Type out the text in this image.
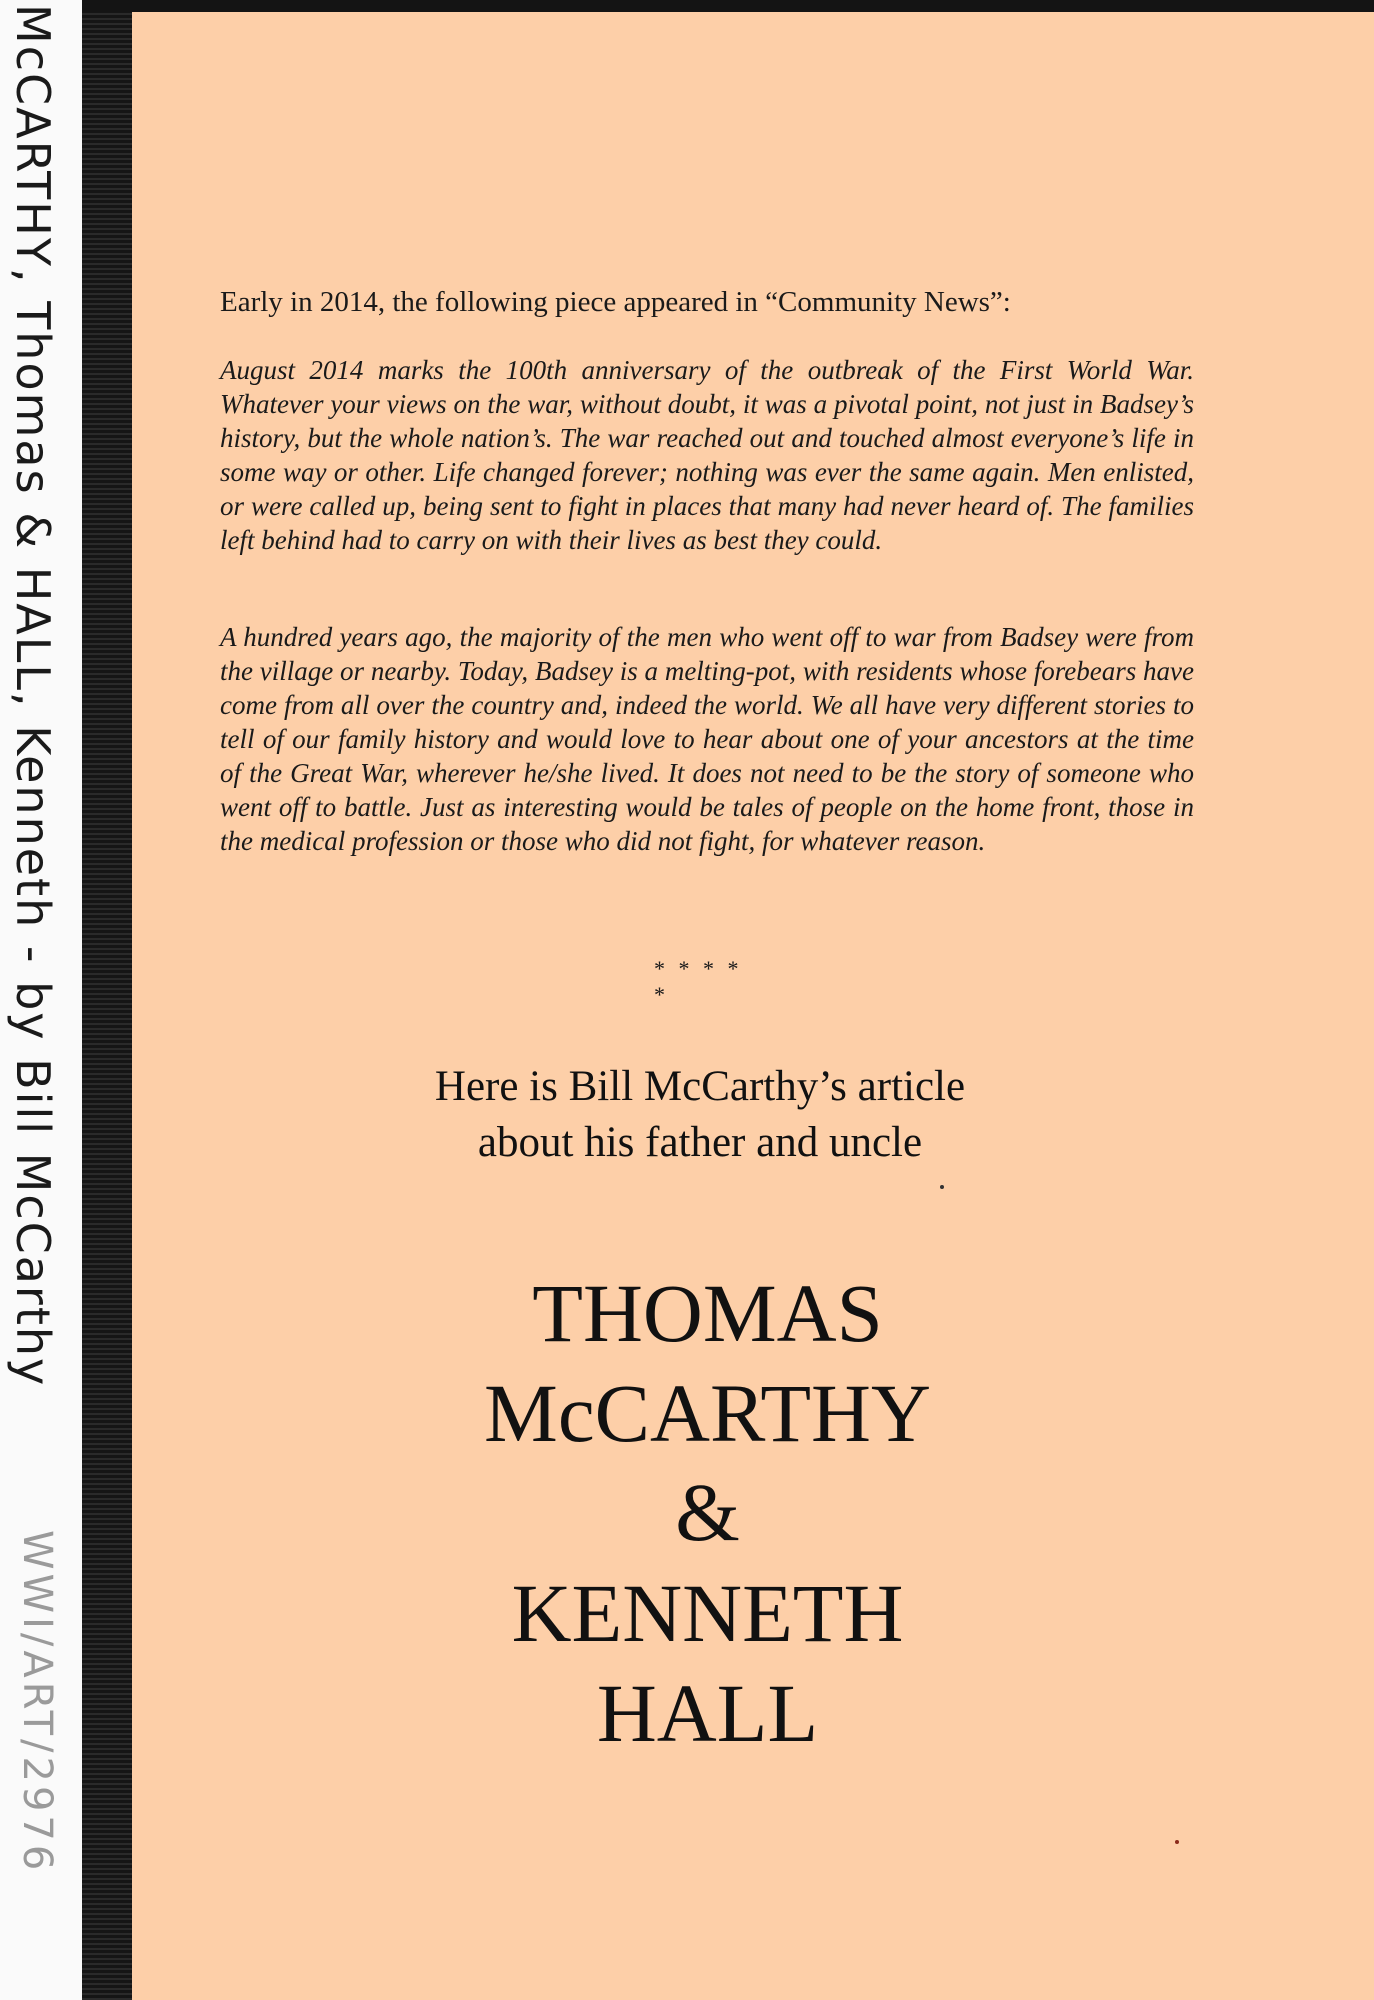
McCARTHY, Thomas & HALL, Kenneth - by Bill McCarthy
WWI/ART/2976

Early in 2014, the following piece appeared in “Community News”:

August 2014 marks the 100th anniversary of the outbreak of the First World War. Whatever your views on the war, without doubt, it was a pivotal point, not just in Badsey’s history, but the whole nation’s. The war reached out and touched almost everyone’s life in some way or other. Life changed forever; nothing was ever the same again. Men enlisted, or were called up, being sent to fight in places that many had never heard of. The families left behind had to carry on with their lives as best they could.

A hundred years ago, the majority of the men who went off to war from Badsey were from the village or nearby. Today, Badsey is a melting-pot, with residents whose forebears have come from all over the country and, indeed the world. We all have very different stories to tell of our family history and would love to hear about one of your ancestors at the time of the Great War, wherever he/she lived. It does not need to be the story of someone who went off to battle. Just as interesting would be tales of people on the home front, those in the medical profession or those who did not fight, for whatever reason.

* * * * *

Here is Bill McCarthy’s article

about his father and uncle

THOMAS

McCARTHY

&

KENNETH

HALL
